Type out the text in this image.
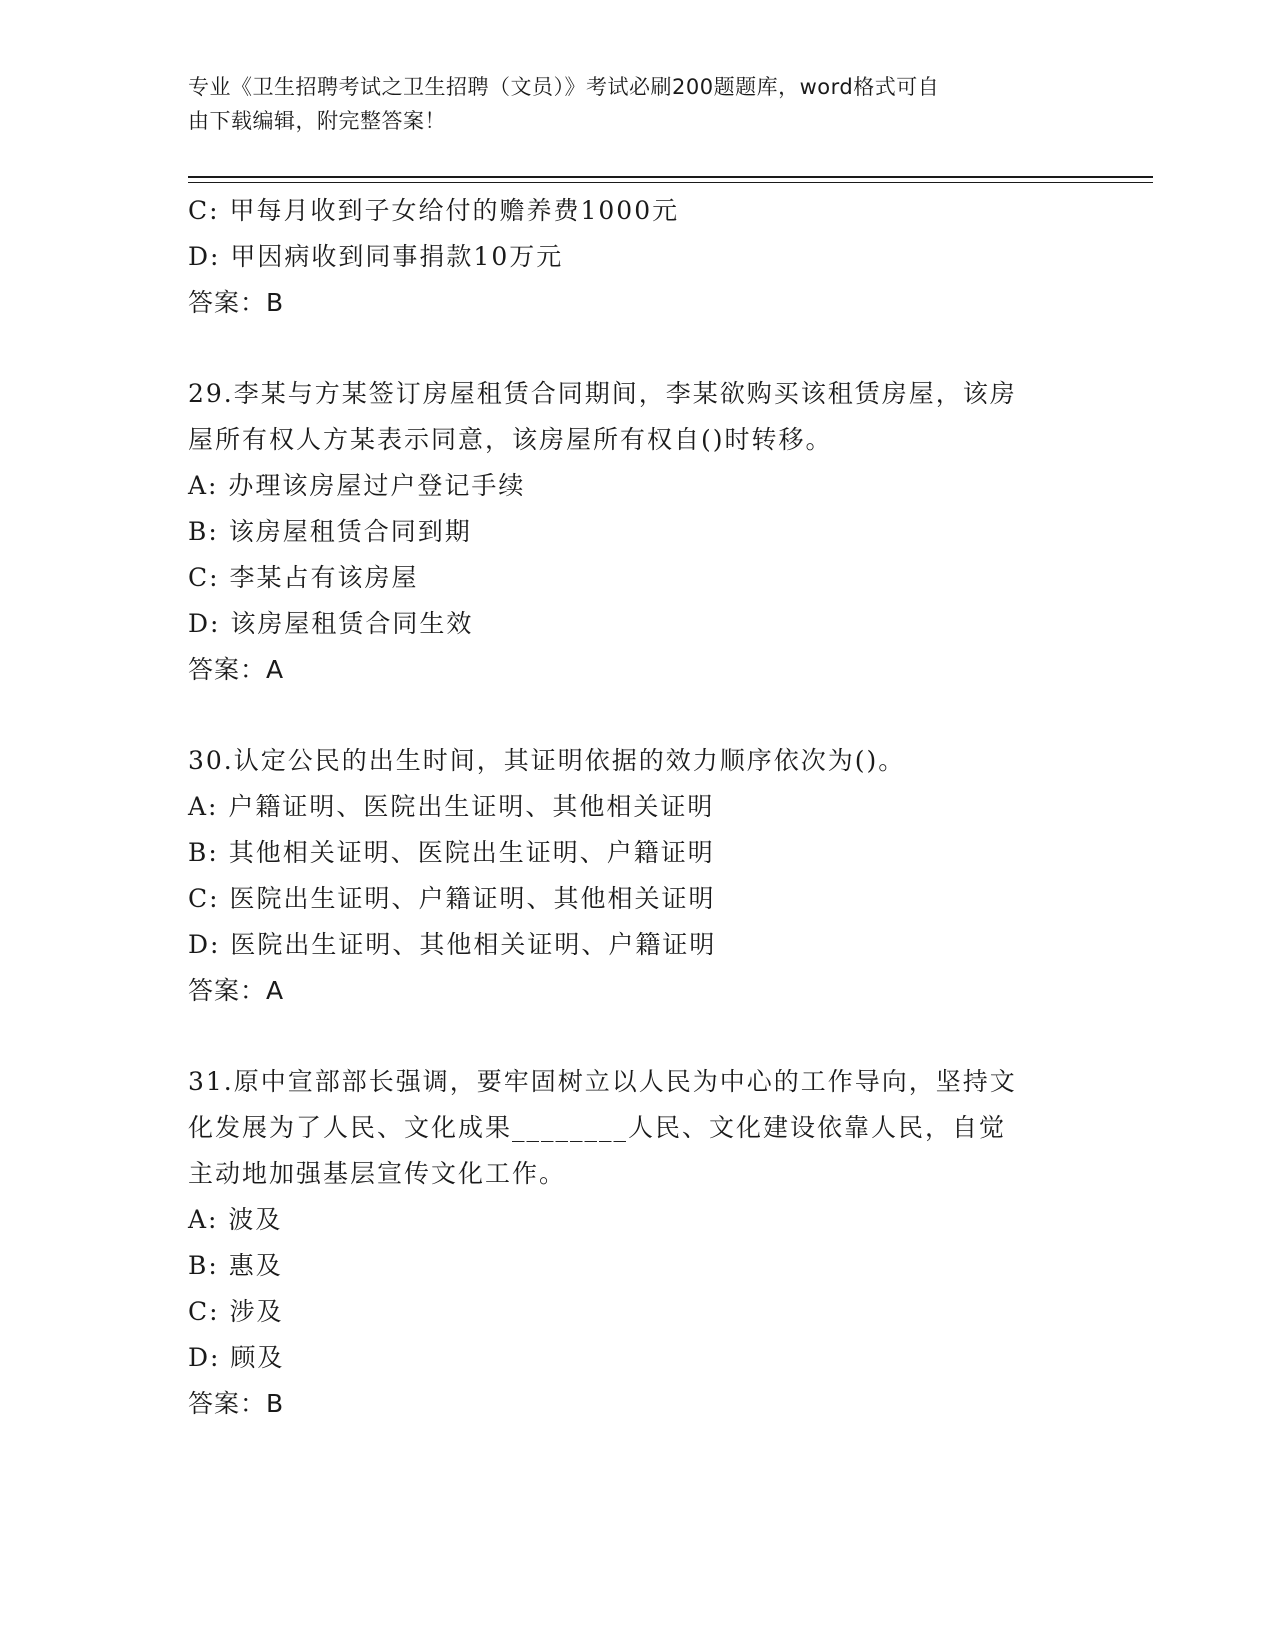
专业《卫生招聘考试之卫生招聘（文员）》考试必刷200题题库，word格式可自
由下载编辑，附完整答案！
C: 甲每月收到子女给付的赡养费1000元
D: 甲因病收到同事捐款10万元
答案：B
29.李某与方某签订房屋租赁合同期间，李某欲购买该租赁房屋，该房
屋所有权人方某表示同意，该房屋所有权自()时转移。
A: 办理该房屋过户登记手续
B: 该房屋租赁合同到期
C: 李某占有该房屋
D: 该房屋租赁合同生效
答案：A
30.认定公民的出生时间，其证明依据的效力顺序依次为()。
A: 户籍证明、医院出生证明、其他相关证明
B: 其他相关证明、医院出生证明、户籍证明
C: 医院出生证明、户籍证明、其他相关证明
D: 医院出生证明、其他相关证明、户籍证明
答案：A
31.原中宣部部长强调，要牢固树立以人民为中心的工作导向，坚持文
化发展为了人民、文化成果________人民、文化建设依靠人民，自觉
主动地加强基层宣传文化工作。
A: 波及
B: 惠及
C: 涉及
D: 顾及
答案：B
